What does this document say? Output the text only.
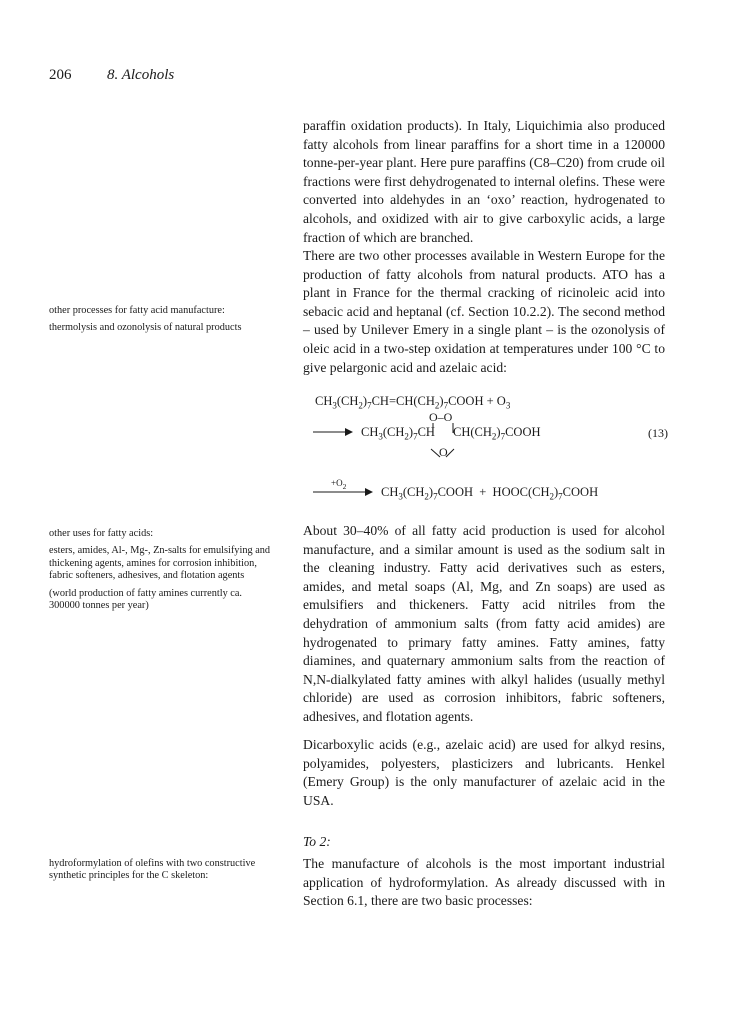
206 8. Alcohols
paraffin oxidation products). In Italy, Liquichimia also produced fatty alcohols from linear paraffins for a short time in a 120000 tonne-per-year plant. Here pure paraffins (C8–C20) from crude oil fractions were first dehydrogenated to internal olefins. These were converted into aldehydes in an ‘oxo’ reaction, hydrogenated to alcohols, and oxidized with air to give carboxylic acids, a large fraction of which are branched.
There are two other processes available in Western Europe for the production of fatty alcohols from natural products. ATO has a plant in France for the thermal cracking of ricinoleic acid into sebacic acid and heptanal (cf. Section 10.2.2). The second method – used by Unilever Emery in a single plant – is the ozonolysis of oleic acid in a two-step oxidation at temperatures under 100 °C to give pelargonic acid and azelaic acid:
$CH_3(CH_2)_7CH=CH(CH_2)_7COOH + O_3$
O–O
→ $CH_3(CH_2)_7CH$ $CH(CH_2)_7COOH$
O
(13)
$+O_2$ → $CH_3(CH_2)_7COOH$  +  $HOOC(CH_2)_7COOH$
About 30–40% of all fatty acid production is used for alcohol manufacture, and a similar amount is used as the sodium salt in the cleaning industry. Fatty acid derivatives such as esters, amides, and metal soaps (Al, Mg, and Zn soaps) are used as emulsifiers and thickeners. Fatty acid nitriles from the dehydration of ammonium salts (from fatty acid amides) are hydrogenated to primary fatty amines. Fatty amines, fatty diamines, and quaternary ammonium salts from the reaction of N,N-dialkylated fatty amines with alkyl halides (usually methyl chloride) are used as corrosion inhibitors, fabric softeners, adhesives, and flotation agents.
Dicarboxylic acids (e.g., azelaic acid) are used for alkyd resins, polyamides, polyesters, plasticizers and lubricants. Henkel (Emery Group) is the only manufacturer of azelaic acid in the USA.
To 2:
The manufacture of alcohols is the most important industrial application of hydroformylation. As already discussed with in Section 6.1, there are two basic processes:

other processes for fatty acid manufacture:

thermolysis and ozonolysis of natural products

other uses for fatty acids:

esters, amides, Al-, Mg-, Zn-salts for emulsifying and thickening agents, amines for corrosion inhibition, fabric softeners, adhesives, and flotation agents

(world production of fatty amines currently ca. 300000 tonnes per year)

hydroformylation of olefins with two constructive synthetic principles for the C skeleton:
